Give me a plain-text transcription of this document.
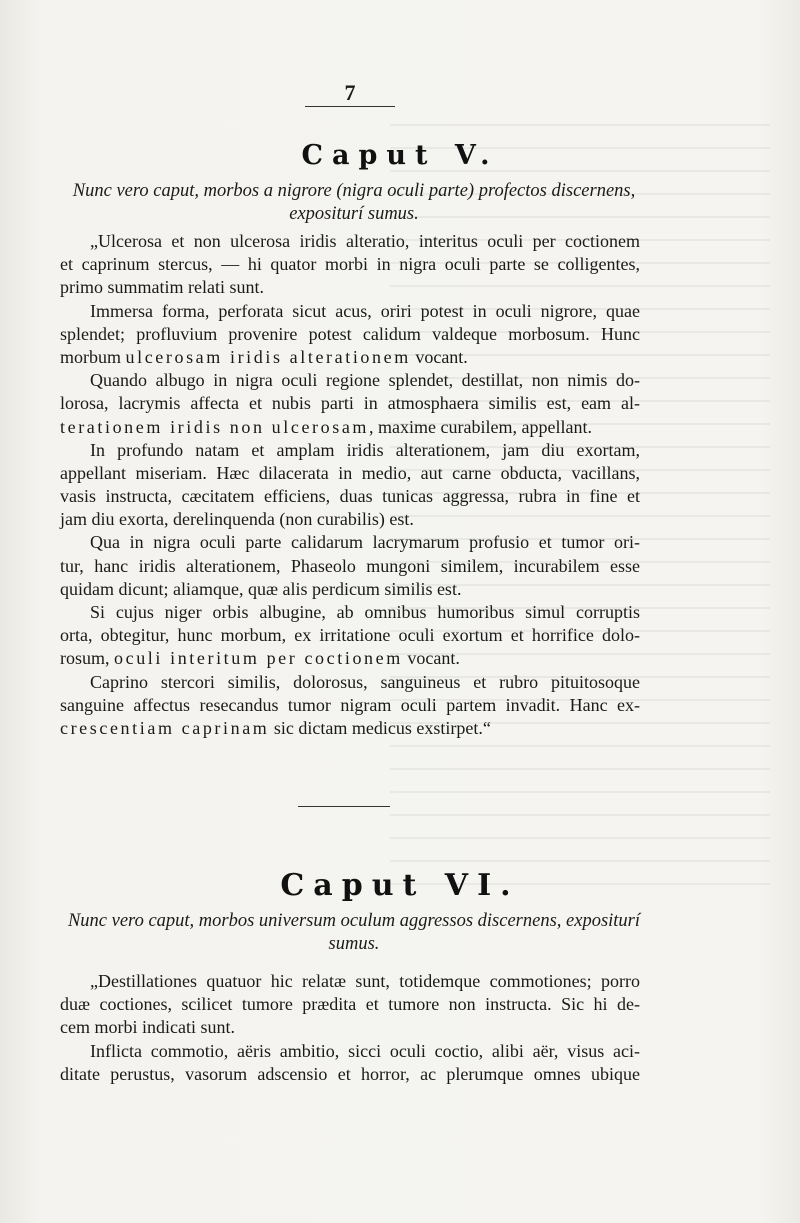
7
Caput V.
Nunc vero caput, morbos a nigrore (nigra oculi parte) profectos discernens,
expositurí sumus.
„Ulcerosa et non ulcerosa iridis alteratio, interitus oculi per coctionem
et caprinum stercus, — hi quator morbi in nigra oculi parte se colligentes,
primo summatim relati sunt.
Immersa forma, perforata sicut acus, oriri potest in oculi nigrore, quae
splendet; profluvium provenire potest calidum valdeque morbosum. Hunc
morbum ulcerosam iridis alterationem vocant.
Quando albugo in nigra oculi regione splendet, destillat, non nimis do-
lorosa, lacrymis affecta et nubis parti in atmosphaera similis est, eam al-
terationem iridis non ulcerosam, maxime curabilem, appellant.
In profundo natam et amplam iridis alterationem, jam diu exortam,
appellant miseriam. Hæc dilacerata in medio, aut carne obducta, vacillans,
vasis instructa, cæcitatem efficiens, duas tunicas aggressa, rubra in fine et
jam diu exorta, derelinquenda (non curabilis) est.
Qua in nigra oculi parte calidarum lacrymarum profusio et tumor ori-
tur, hanc iridis alterationem, Phaseolo mungoni similem, incurabilem esse
quidam dicunt; aliamque, quæ alis perdicum similis est.
Si cujus niger orbis albugine, ab omnibus humoribus simul corruptis
orta, obtegitur, hunc morbum, ex irritatione oculi exortum et horrifice dolo-
rosum, oculi interitum per coctionem vocant.
Caprino stercori similis, dolorosus, sanguineus et rubro pituitosoque
sanguine affectus resecandus tumor nigram oculi partem invadit. Hanc ex-
crescentiam caprinam sic dictam medicus exstirpet.“
Caput VI.
Nunc vero caput, morbos universum oculum aggressos discernens, expositurí
sumus.
„Destillationes quatuor hic relatæ sunt, totidemque commotiones; porro
duæ coctiones, scilicet tumore prædita et tumore non instructa. Sic hi de-
cem morbi indicati sunt.
Inflicta commotio, aëris ambitio, sicci oculi coctio, alibi aër, visus aci-
ditate perustus, vasorum adscensio et horror, ac plerumque omnes ubique
